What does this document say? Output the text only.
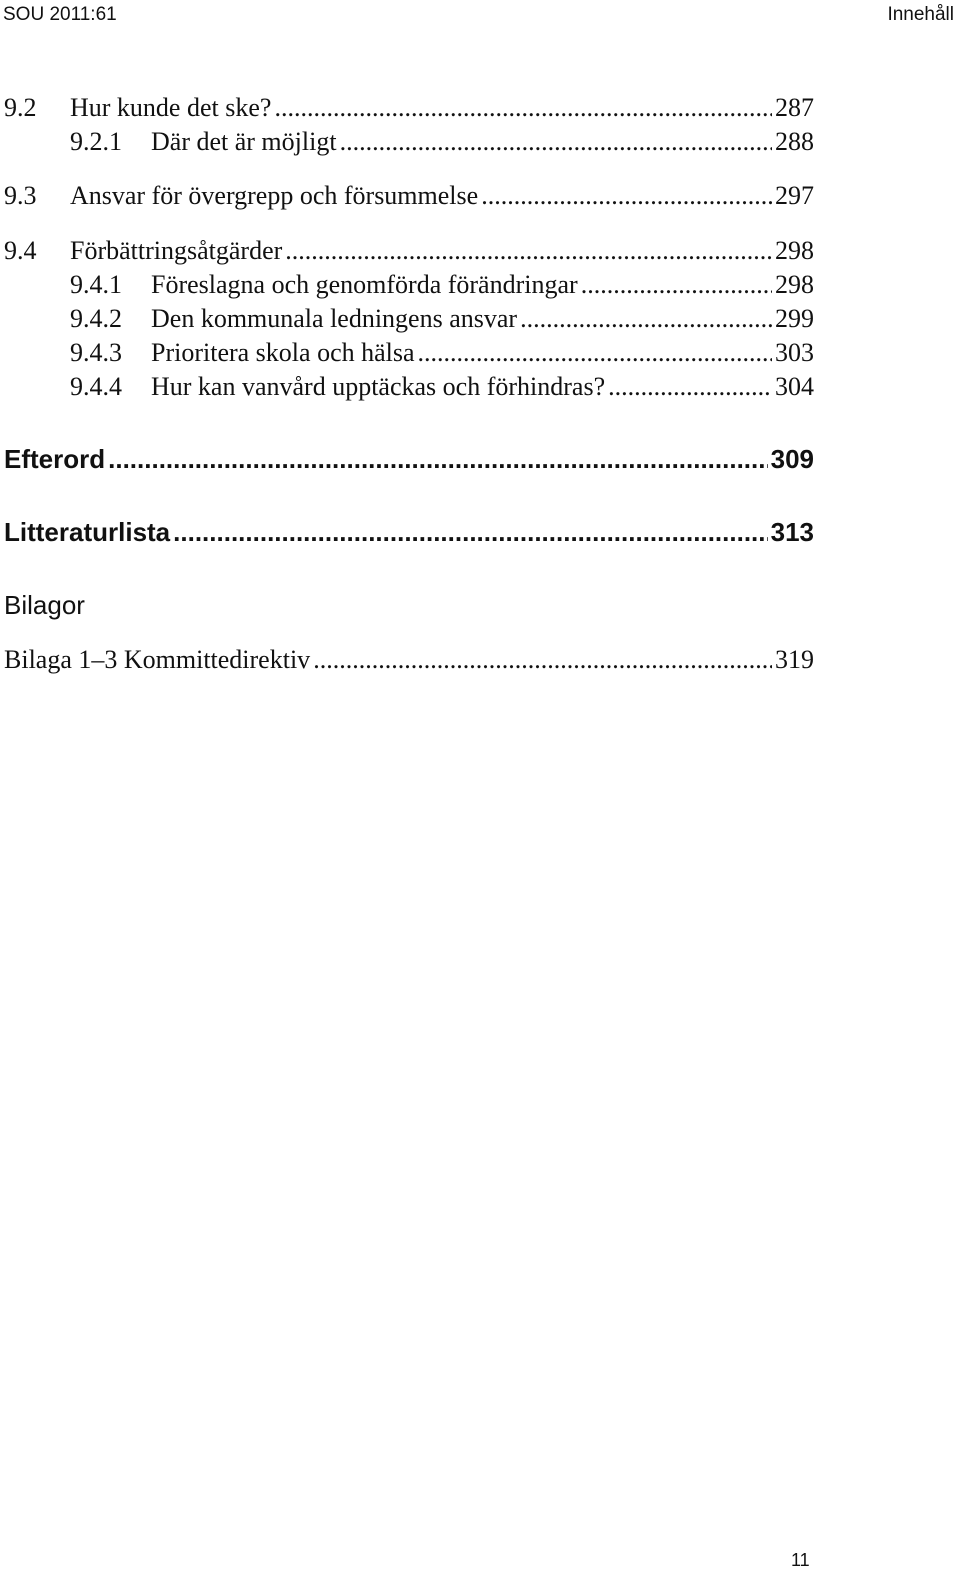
SOU 2011:61	Innehåll
9.2	Hur kunde det ske? .....	287
9.2.1	Där det är möjligt .....	288
9.3	Ansvar för övergrepp och försummelse .....	297
9.4	Förbättringsåtgärder .....	298
9.4.1	Föreslagna och genomförda förändringar .....	298
9.4.2	Den kommunala ledningens ansvar .....	299
9.4.3	Prioritera skola och hälsa .....	303
9.4.4	Hur kan vanvård upptäckas och förhindras? .....	304
Efterord .....	309
Litteraturlista .....	313
Bilagor
Bilaga 1–3 Kommittedirektiv .....	319
11
